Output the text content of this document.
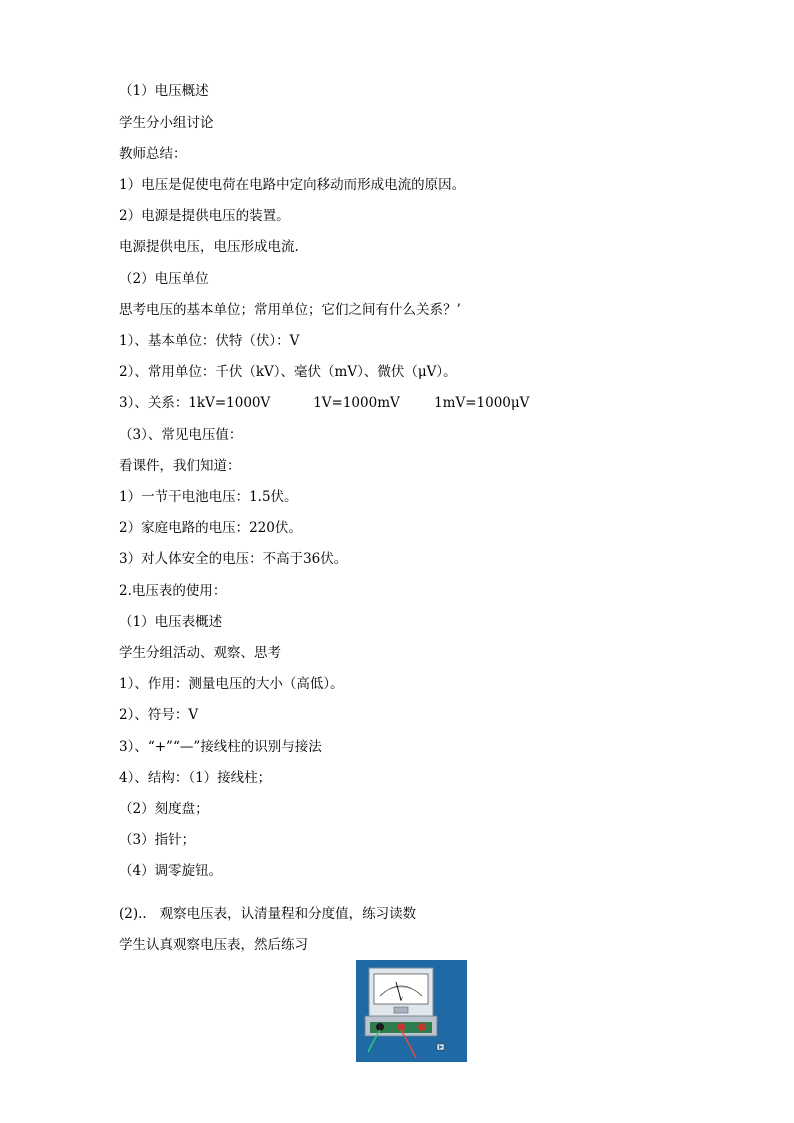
（1）电压概述
学生分小组讨论
教师总结：
1）电压是促使电荷在电路中定向移动而形成电流的原因。
2）电源是提供电压的装置。
电源提供电压，电压形成电流.
（2）电压单位
思考电压的基本单位；常用单位；它们之间有什么关系？’
1）、基本单位：伏特（伏）：V
2）、常用单位：千伏（kV）、毫伏（mV）、微伏（μV）。
3）、关系：1kV=1000V          1V=1000mV        1mV=1000μV
（3）、常见电压值：
看课件，我们知道：
1）一节干电池电压：1.5伏。
2）家庭电路的电压：220伏。
3）对人体安全的电压：不高于36伏。
2.电压表的使用：
（1）电压表概述
学生分组活动、观察、思考
1）、作用：测量电压的大小（高低）。
2）、符号：V
3）、“+”“—”接线柱的识别与接法
4）、结构：（1）接线柱；
（2）刻度盘；
（3）指针；
（4）调零旋钮。
(2)..   观察电压表，认清量程和分度值，练习读数
学生认真观察电压表，然后练习
V
